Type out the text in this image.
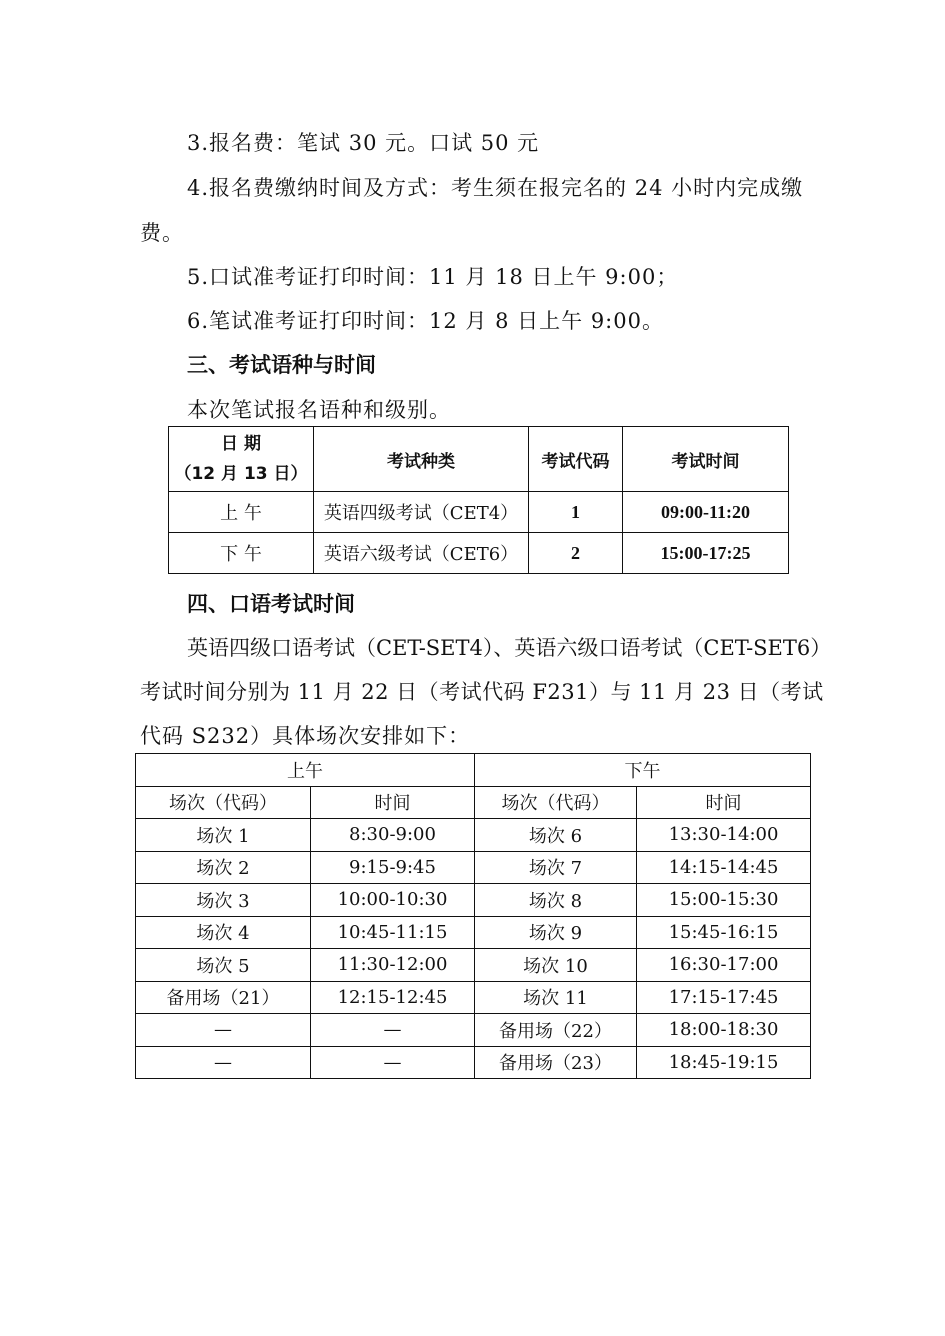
3.报名费：笔试 30 元。口试 50 元
4.报名费缴纳时间及方式：考生须在报完名的 24 小时内完成缴
费。
5.口试准考证打印时间：11 月 18 日上午 9:00；
6.笔试准考证打印时间：12 月 8 日上午 9:00。
三、考试语种与时间
本次笔试报名语种和级别。
日 期
（12 月 13 日）	考试种类	考试代码	考试时间
上 午	英语四级考试（CET4）	1	09:00-11:20
下 午	英语六级考试（CET6）	2	15:00-17:25
四、口语考试时间
英语四级口语考试（CET-SET4）、英语六级口语考试（CET-SET6）
考试时间分别为 11 月 22 日（考试代码 F231）与 11 月 23 日（考试
代码 S232）具体场次安排如下：
上午		下午	
场次（代码）	时间	场次（代码）	时间
场次 1	8:30-9:00	场次 6	13:30-14:00
场次 2	9:15-9:45	场次 7	14:15-14:45
场次 3	10:00-10:30	场次 8	15:00-15:30
场次 4	10:45-11:15	场次 9	15:45-16:15
场次 5	11:30-12:00	场次 10	16:30-17:00
备用场（21）	12:15-12:45	场次 11	17:15-17:45
—	—	备用场（22）	18:00-18:30
—	—	备用场（23）	18:45-19:15
